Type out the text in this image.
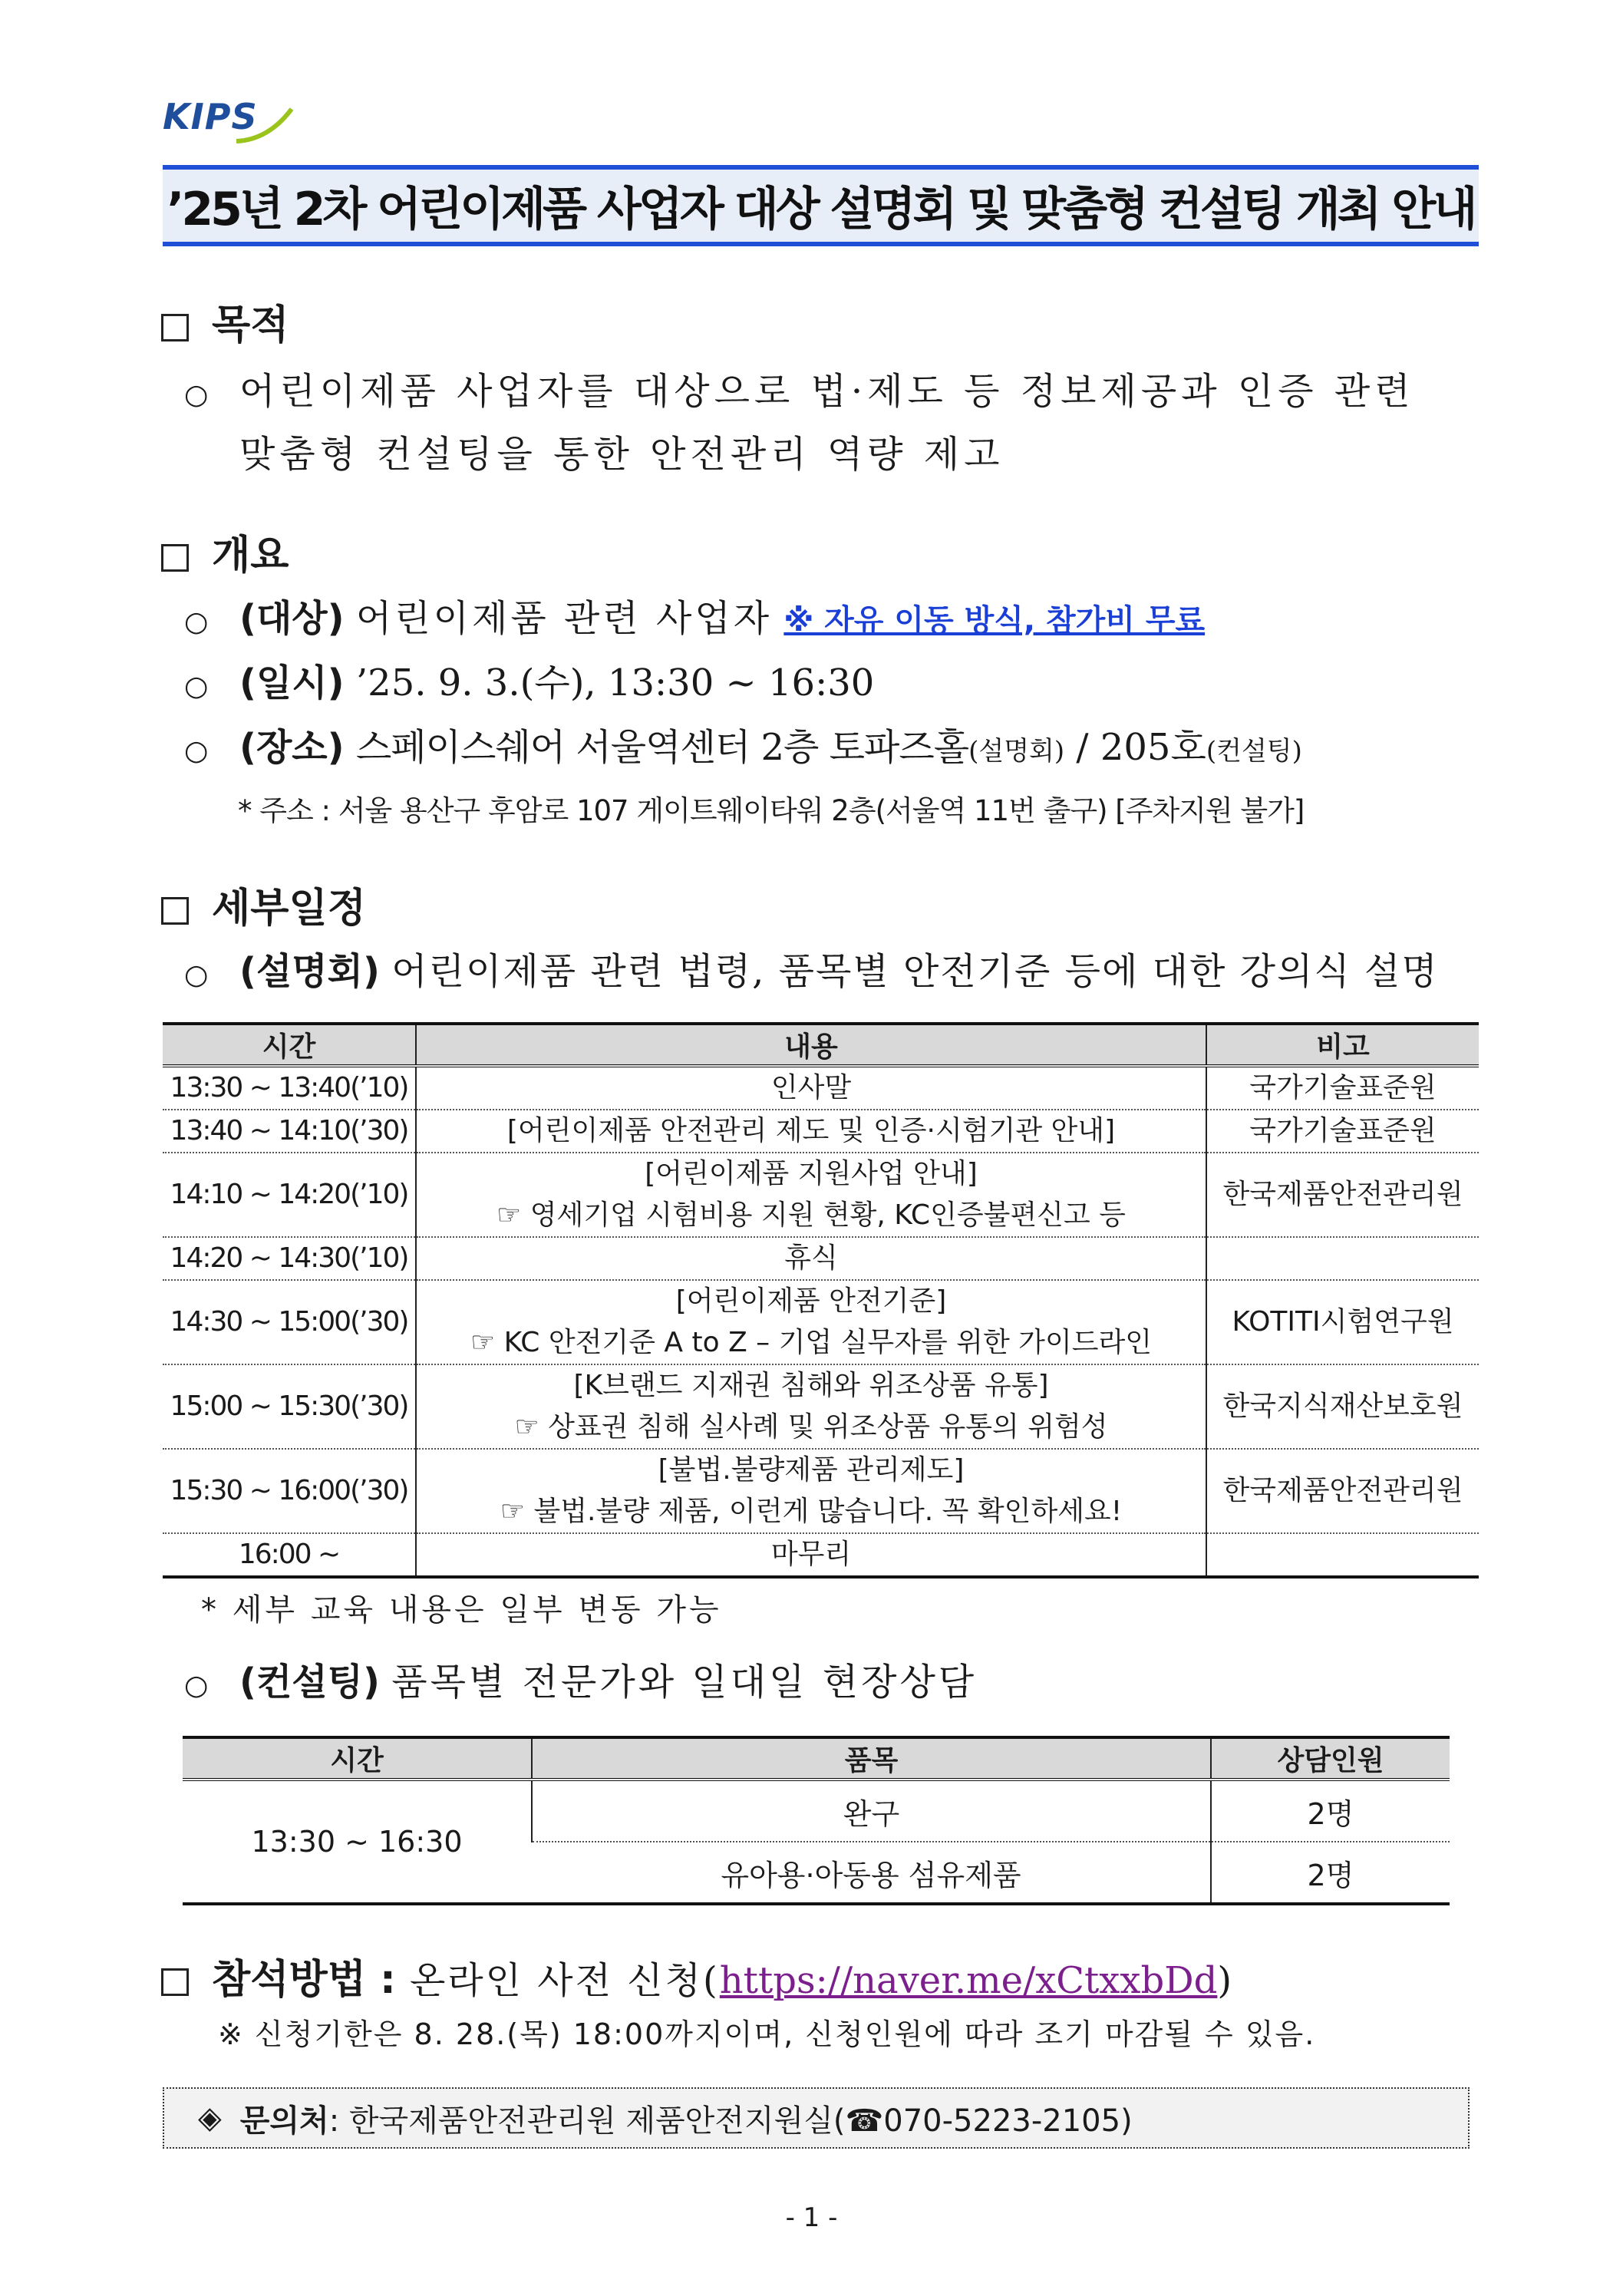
KIPS
’25년 2차 어린이제품 사업자 대상 설명회 및 맞춤형 컨설팅 개최 안내
목적
○ 어린이제품 사업자를 대상으로 법·제도 등 정보제공과 인증 관련
맞춤형 컨설팅을 통한 안전관리 역량 제고
개요
○ (대상) 어린이제품 관련 사업자 ※ 자유 이동 방식, 참가비 무료
○ (일시) ’25. 9. 3.(수), 13:30 ~ 16:30
○ (장소) 스페이스쉐어 서울역센터 2층 토파즈홀(설명회) / 205호(컨설팅)
* 주소 : 서울 용산구 후암로 107 게이트웨이타워 2층(서울역 11번 출구) [주차지원 불가]
세부일정
○ (설명회) 어린이제품 관련 법령, 품목별 안전기준 등에 대한 강의식 설명
시간	내용	비고
13:30 ~ 13:40(’10)	인사말	국가기술표준원
13:40 ~ 14:10(’30)	[어린이제품 안전관리 제도 및 인증·시험기관 안내]	국가기술표준원
14:10 ~ 14:20(’10)	[어린이제품 지원사업 안내]
☞ 영세기업 시험비용 지원 현황, KC인증불편신고 등	한국제품안전관리원
14:20 ~ 14:30(’10)	휴식	
14:30 ~ 15:00(’30)	[어린이제품 안전기준]
☞ KC 안전기준 A to Z – 기업 실무자를 위한 가이드라인	KOTITI시험연구원
15:00 ~ 15:30(’30)	[K브랜드 지재권 침해와 위조상품 유통]
☞ 상표권 침해 실사례 및 위조상품 유통의 위험성	한국지식재산보호원
15:30 ~ 16:00(’30)	[불법.불량제품 관리제도]
☞ 불법.불량 제품, 이런게 많습니다. 꼭 확인하세요!	한국제품안전관리원
16:00 ~	마무리	
* 세부 교육 내용은 일부 변동 가능
○ (컨설팅) 품목별 전문가와 일대일 현장상담
시간	품목	상담인원
13:30 ~ 16:30	완구	2명
	유아용·아동용 섬유제품	2명
참석방법 : 온라인 사전 신청(https://naver.me/xCtxxbDd)
※ 신청기한은 8. 28.(목) 18:00까지이며, 신청인원에 따라 조기 마감될 수 있음.
◈ 문의처 : 한국제품안전관리원 제품안전지원실(☎070-5223-2105)
- 1 -
